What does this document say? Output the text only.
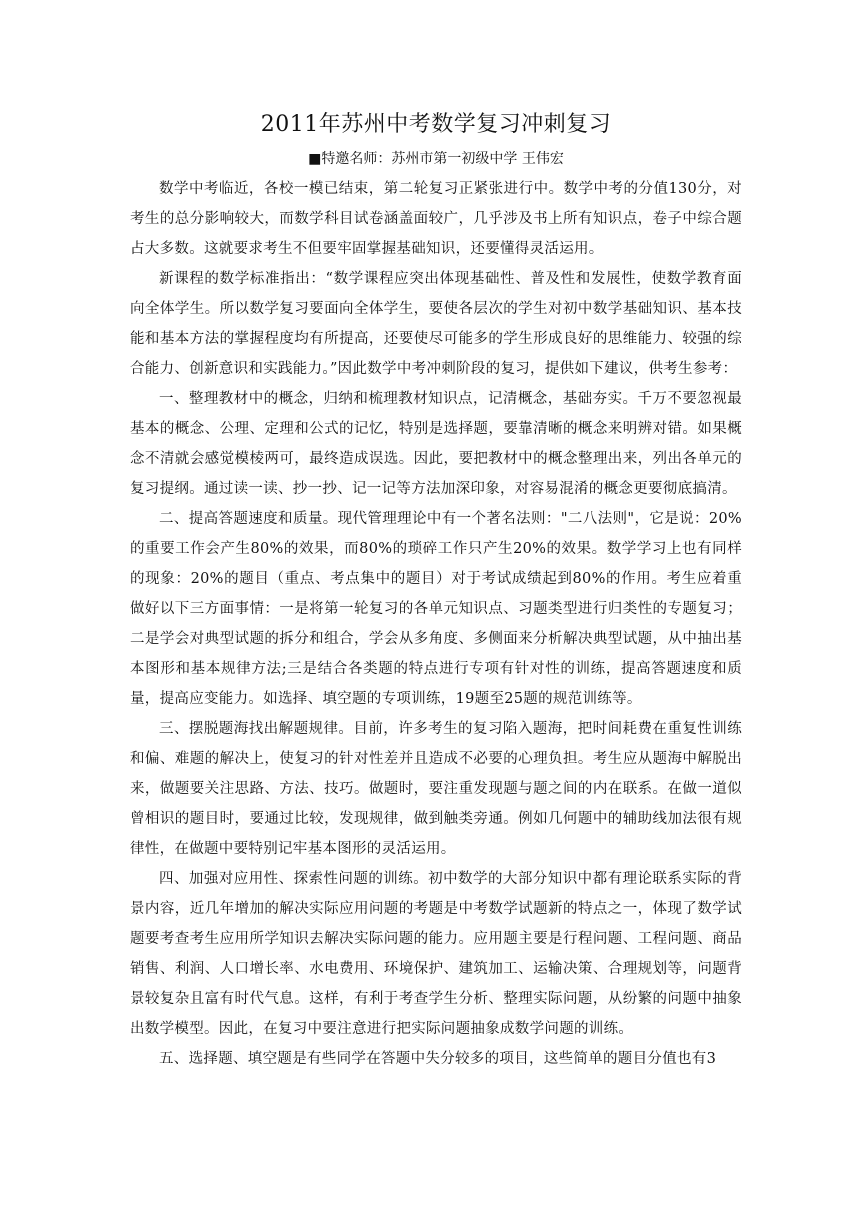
2011年苏州中考数学复习冲刺复习

■特邀名师：苏州市第一初级中学 王伟宏

数学中考临近，各校一模已结束，第二轮复习正紧张进行中。数学中考的分值130分，对考生的总分影响较大，而数学科目试卷涵盖面较广，几乎涉及书上所有知识点，卷子中综合题占大多数。这就要求考生不但要牢固掌握基础知识，还要懂得灵活运用。

新课程的数学标准指出：“数学课程应突出体现基础性、普及性和发展性，使数学教育面向全体学生。所以数学复习要面向全体学生，要使各层次的学生对初中数学基础知识、基本技能和基本方法的掌握程度均有所提高，还要使尽可能多的学生形成良好的思维能力、较强的综合能力、创新意识和实践能力。”因此数学中考冲刺阶段的复习，提供如下建议，供考生参考：

一、整理教材中的概念，归纳和梳理教材知识点，记清概念，基础夯实。千万不要忽视最基本的概念、公理、定理和公式的记忆，特别是选择题，要靠清晰的概念来明辨对错。如果概念不清就会感觉模棱两可，最终造成误选。因此，要把教材中的概念整理出来，列出各单元的复习提纲。通过读一读、抄一抄、记一记等方法加深印象，对容易混淆的概念更要彻底搞清。

二、提高答题速度和质量。现代管理理论中有一个著名法则："二八法则"，它是说：20%的重要工作会产生80%的效果，而80%的琐碎工作只产生20%的效果。数学学习上也有同样的现象：20%的题目（重点、考点集中的题目）对于考试成绩起到80%的作用。考生应着重做好以下三方面事情：一是将第一轮复习的各单元知识点、习题类型进行归类性的专题复习；二是学会对典型试题的拆分和组合，学会从多角度、多侧面来分析解决典型试题，从中抽出基本图形和基本规律方法;三是结合各类题的特点进行专项有针对性的训练，提高答题速度和质量，提高应变能力。如选择、填空题的专项训练，19题至25题的规范训练等。

三、摆脱题海找出解题规律。目前，许多考生的复习陷入题海，把时间耗费在重复性训练和偏、难题的解决上，使复习的针对性差并且造成不必要的心理负担。考生应从题海中解脱出来，做题要关注思路、方法、技巧。做题时，要注重发现题与题之间的内在联系。在做一道似曾相识的题目时，要通过比较，发现规律，做到触类旁通。例如几何题中的辅助线加法很有规律性，在做题中要特别记牢基本图形的灵活运用。

四、加强对应用性、探索性问题的训练。初中数学的大部分知识中都有理论联系实际的背景内容，近几年增加的解决实际应用问题的考题是中考数学试题新的特点之一，体现了数学试题要考查考生应用所学知识去解决实际问题的能力。应用题主要是行程问题、工程问题、商品销售、利润、人口增长率、水电费用、环境保护、建筑加工、运输决策、合理规划等，问题背景较复杂且富有时代气息。这样，有利于考查学生分析、整理实际问题，从纷繁的问题中抽象出数学模型。因此，在复习中要注意进行把实际问题抽象成数学问题的训练。

五、选择题、填空题是有些同学在答题中失分较多的项目，这些简单的题目分值也有3
